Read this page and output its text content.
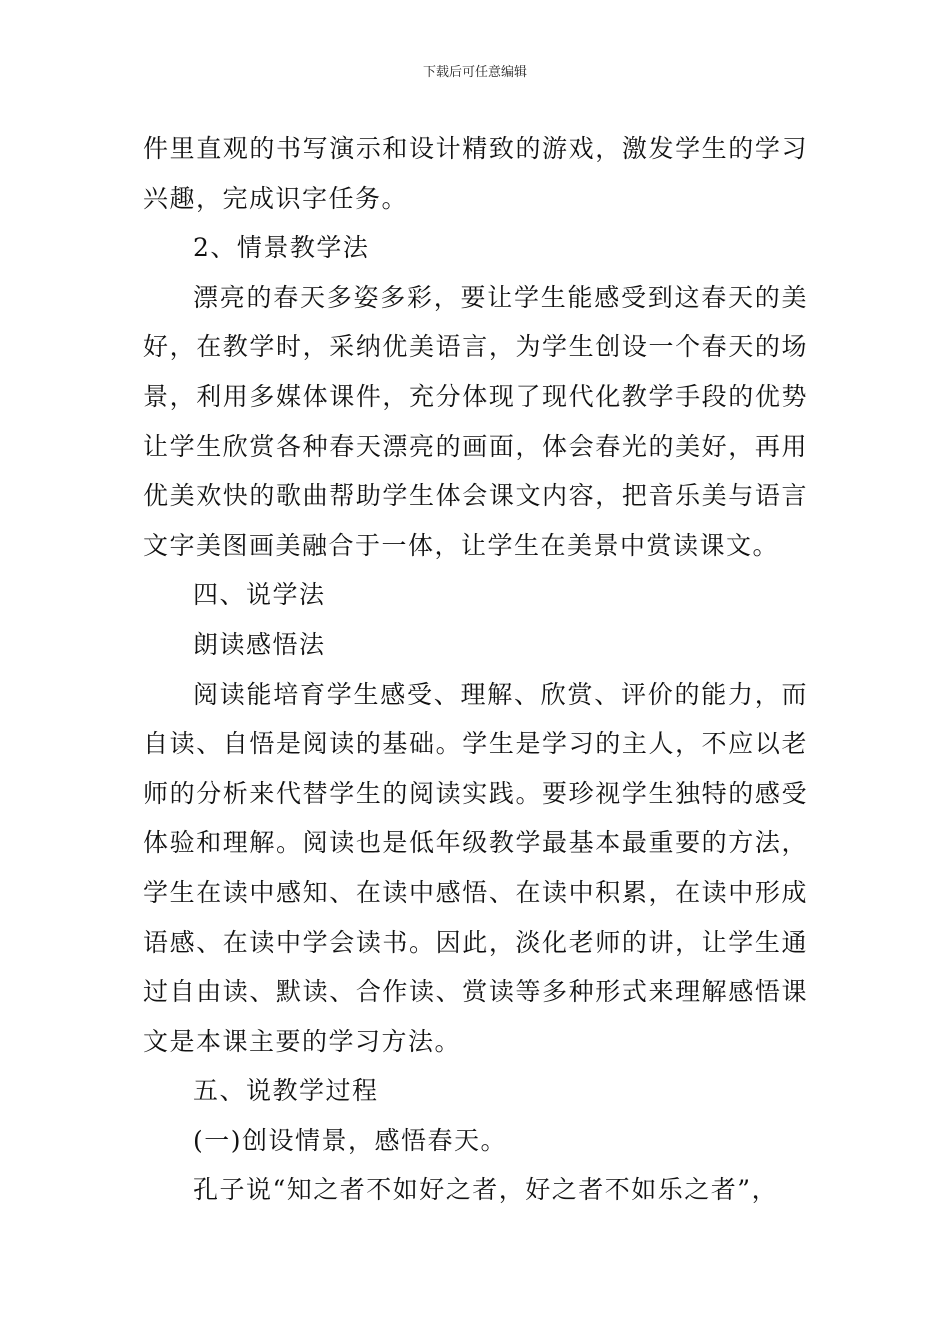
下载后可任意编辑

件里直观的书写演示和设计精致的游戏，激发学生的学习兴趣，完成识字任务。

2、情景教学法

漂亮的春天多姿多彩，要让学生能感受到这春天的美好，在教学时，采纳优美语言，为学生创设一个春天的场景，利用多媒体课件，充分体现了现代化教学手段的优势让学生欣赏各种春天漂亮的画面，体会春光的美好，再用优美欢快的歌曲帮助学生体会课文内容，把音乐美与语言文字美图画美融合于一体，让学生在美景中赏读课文。

四、说学法

朗读感悟法

阅读能培育学生感受、理解、欣赏、评价的能力，而自读、自悟是阅读的基础。学生是学习的主人，不应以老师的分析来代替学生的阅读实践。要珍视学生独特的感受体验和理解。阅读也是低年级教学最基本最重要的方法，学生在读中感知、在读中感悟、在读中积累，在读中形成语感、在读中学会读书。因此，淡化老师的讲，让学生通过自由读、默读、合作读、赏读等多种形式来理解感悟课文是本课主要的学习方法。

五、说教学过程

(一)创设情景，感悟春天。

孔子说“知之者不如好之者，好之者不如乐之者”，
